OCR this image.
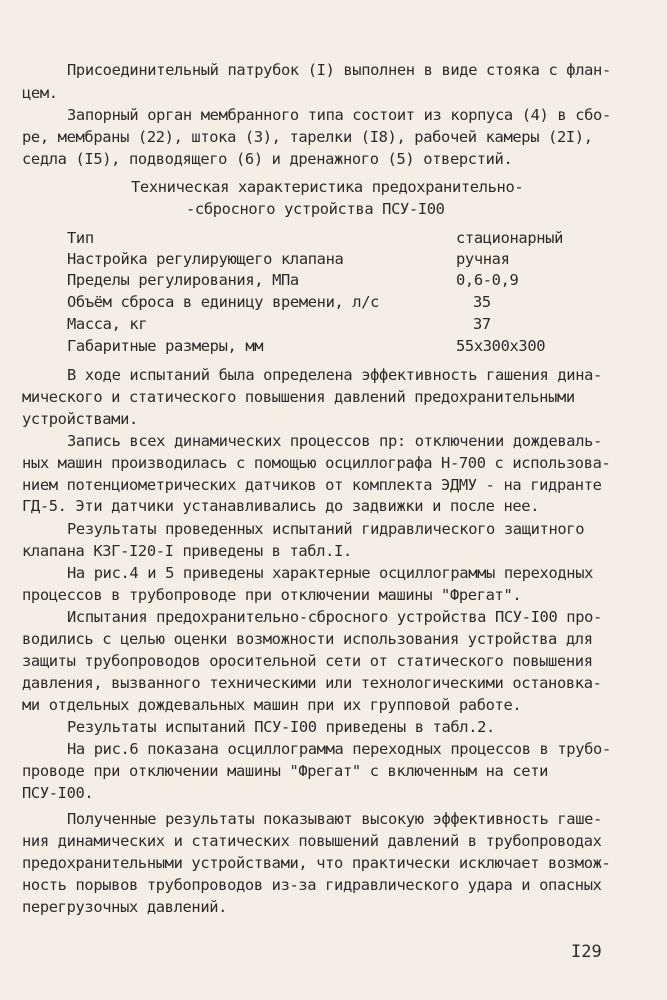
Присоединительный патрубок (I) выполнен в виде стояка с флан-
цем.
Запорный орган мембранного типа состоит из корпуса (4) в сбо-
ре, мембраны (22), штока (3), тарелки (I8), рабочей камеры (2I),
седла (I5), подводящего (6) и дренажного (5) отверстий.
Техническая характеристика предохранительно-
-сбросного устройства ПСУ-I00
Тип	стационарный
Настройка регулирующего клапана	ручная
Пределы регулирования, МПа	0,6-0,9
Объём сброса в единицу времени, л/с	35
Масса, кг	37
Габаритные размеры, мм	55х300х300
В ходе испытаний была определена эффективность гашения дина-
мического и статического повышения давлений предохранительными
устройствами.
Запись всех динамических процессов пр: отключении дождеваль-
ных машин производилась с помощью осциллографа Н-700 с использова-
нием потенциометрических датчиков от комплекта ЭДМУ - на гидранте
ГД-5. Эти датчики устанавливались до задвижки и после нее.
Результаты проведенных испытаний гидравлического защитного
клапана КЗГ-I20-I приведены в табл.I.
На рис.4 и 5 приведены характерные осциллограммы переходных
процессов в трубопроводе при отключении машины "Фрегат".
Испытания предохранительно-сбросного устройства ПСУ-I00 про-
водились с целью оценки возможности использования устройства для
защиты трубопроводов оросительной сети от статического повышения
давления, вызванного техническими или технологическими остановка-
ми отдельных дождевальных машин при их групповой работе.
Результаты испытаний ПСУ-I00 приведены в табл.2.
На рис.6 показана осциллограмма переходных процессов в трубо-
проводе при отключении машины "Фрегат" с включенным на сети
ПСУ-I00.
Полученные результаты показывают высокую эффективность гаше-
ния динамических и статических повышений давлений в трубопроводах
предохранительными устройствами, что практически исключает возмож-
ность порывов трубопроводов из-за гидравлического удара и опасных
перегрузочных давлений.
I29
